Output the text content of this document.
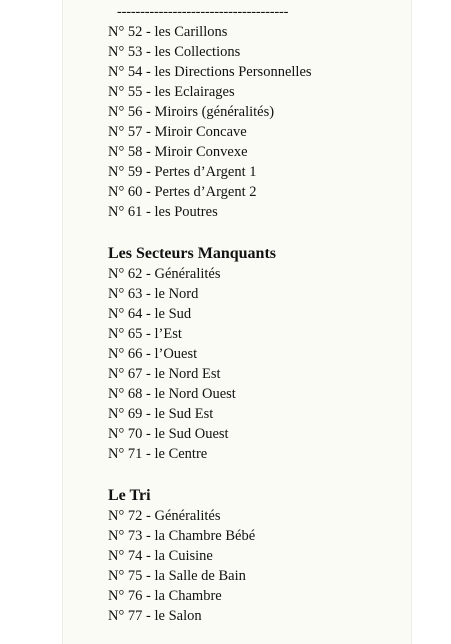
-------------------------------------
N° 52 - les Carillons
N° 53 - les Collections
N° 54 - les Directions Personnelles
N° 55 - les Eclairages
N° 56 - Miroirs (généralités)
N° 57 - Miroir Concave
N° 58 - Miroir Convexe
N° 59 - Pertes d’Argent 1
N° 60 - Pertes d’Argent 2
N° 61 - les Poutres
Les Secteurs Manquants
N° 62 - Généralités
N° 63 - le Nord
N° 64 - le Sud
N° 65 - l’Est
N° 66 - l’Ouest
N° 67 - le Nord Est
N° 68 - le Nord Ouest
N° 69 - le Sud Est
N° 70 - le Sud Ouest
N° 71 - le Centre
Le Tri
N° 72 - Généralités
N° 73 - la Chambre Bébé
N° 74 - la Cuisine
N° 75 - la Salle de Bain
N° 76 - la Chambre
N° 77 - le Salon
